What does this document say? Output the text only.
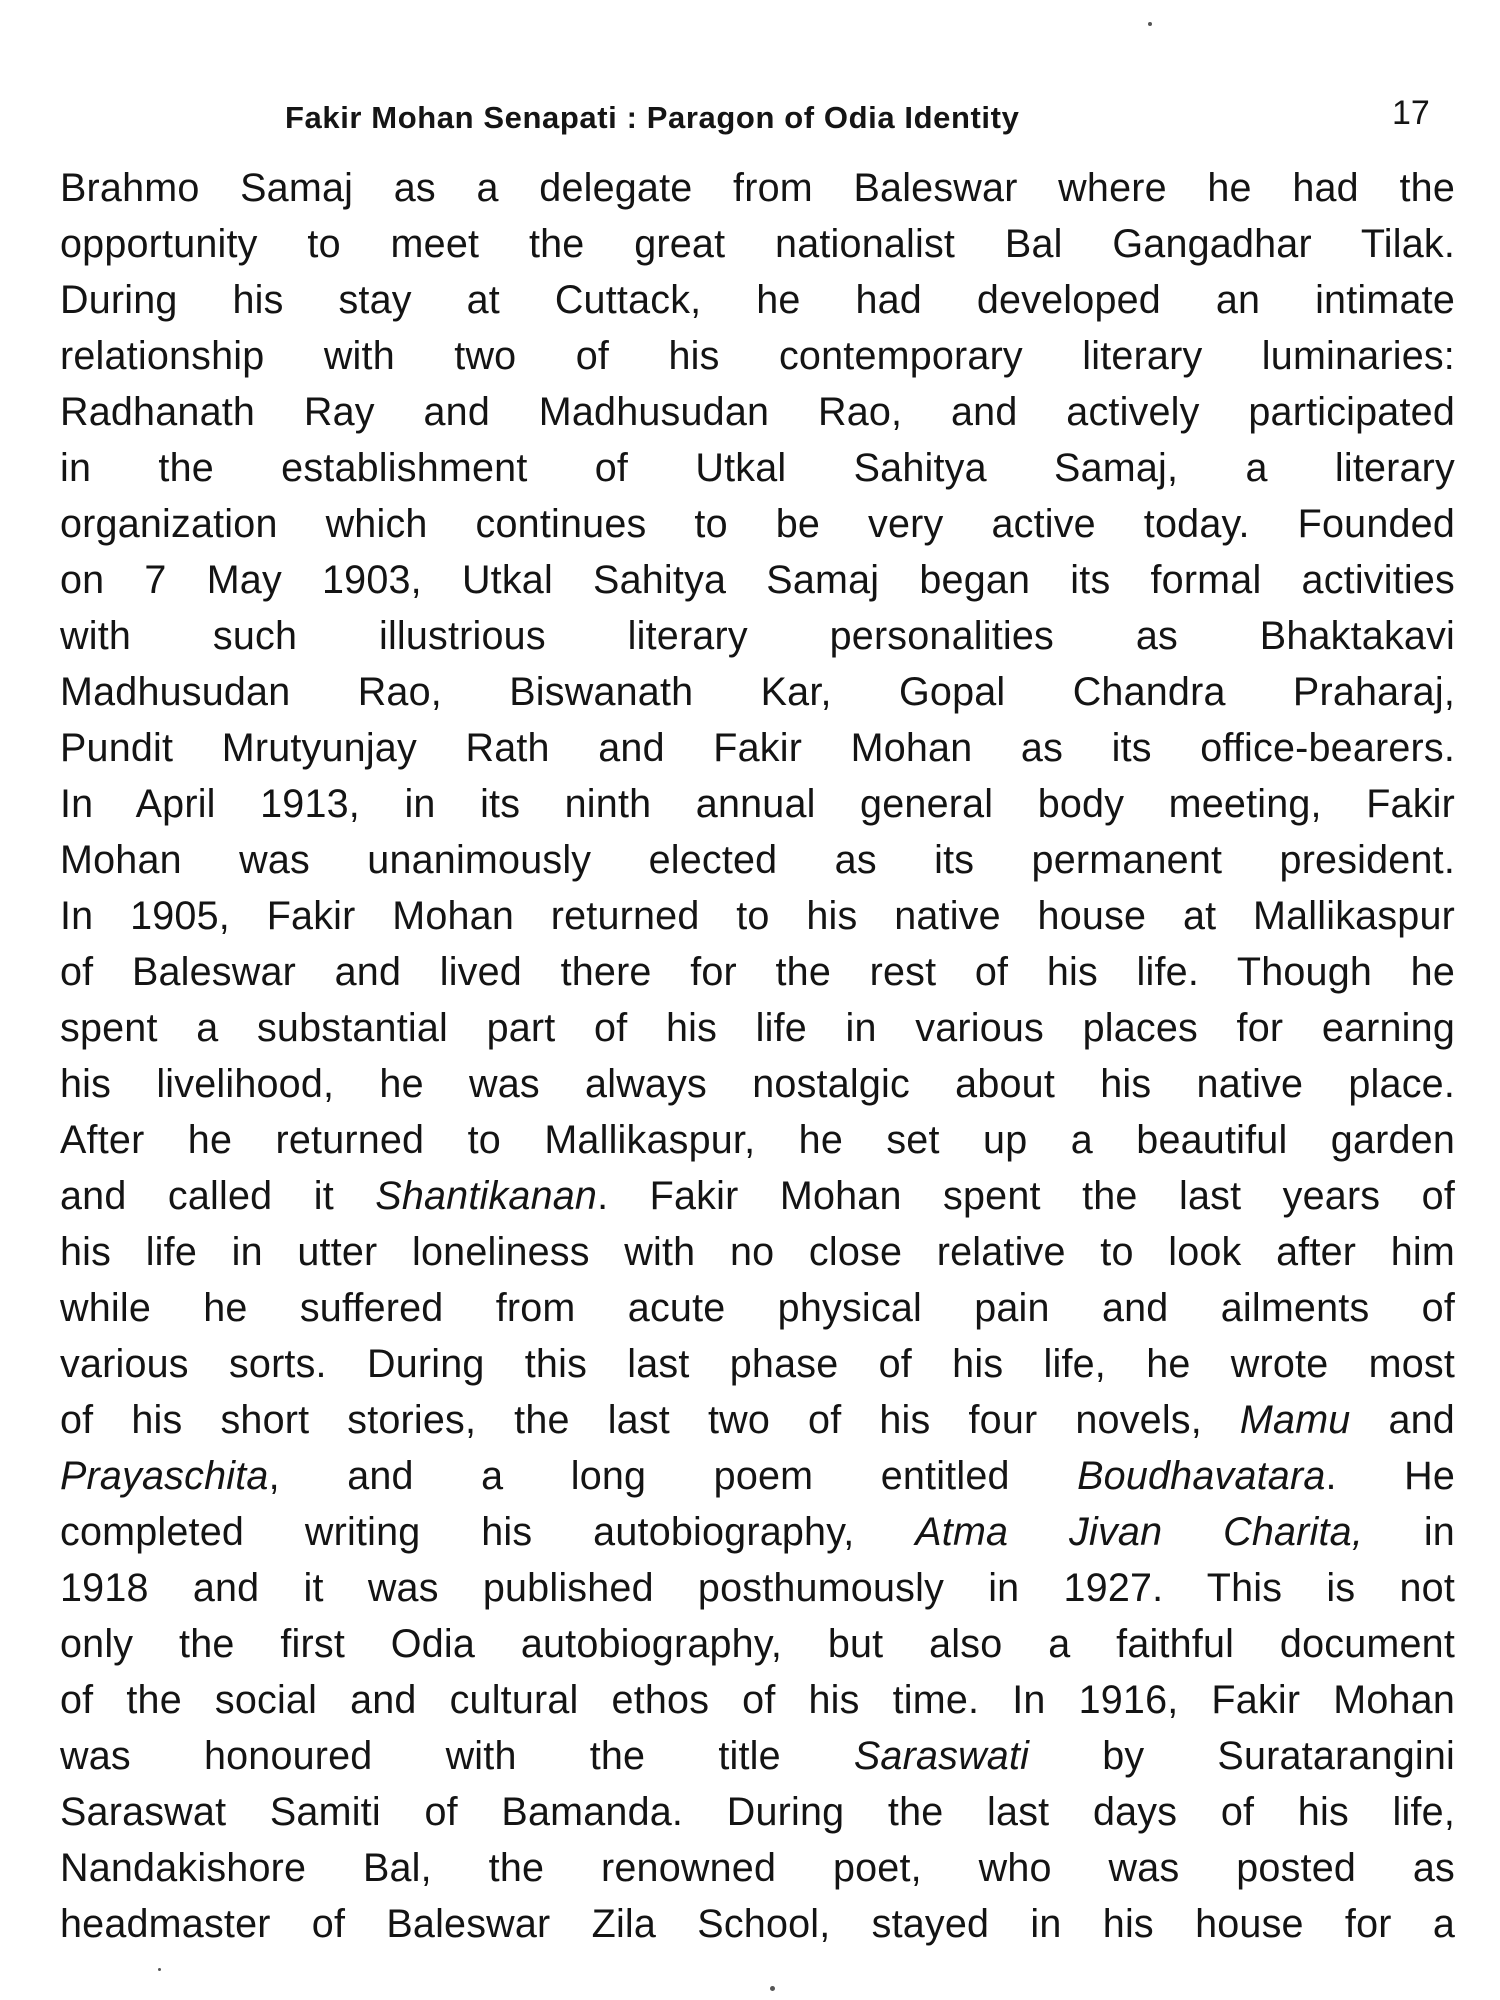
Fakir Mohan Senapati : Paragon of Odia Identity	17
Brahmo Samaj as a delegate from Baleswar where he had the
opportunity to meet the great nationalist Bal Gangadhar Tilak.
During his stay at Cuttack, he had developed an intimate
relationship with two of his contemporary literary luminaries:
Radhanath Ray and Madhusudan Rao, and actively participated
in the establishment of Utkal Sahitya Samaj, a literary
organization which continues to be very active today. Founded
on 7 May 1903, Utkal Sahitya Samaj began its formal activities
with such illustrious literary personalities as Bhaktakavi
Madhusudan Rao, Biswanath Kar, Gopal Chandra Praharaj,
Pundit Mrutyunjay Rath and Fakir Mohan as its office-bearers.
In April 1913, in its ninth annual general body meeting, Fakir
Mohan was unanimously elected as its permanent president.
In 1905, Fakir Mohan returned to his native house at Mallikaspur
of Baleswar and lived there for the rest of his life. Though he
spent a substantial part of his life in various places for earning
his livelihood, he was always nostalgic about his native place.
After he returned to Mallikaspur, he set up a beautiful garden
and called it Shantikanan. Fakir Mohan spent the last years of
his life in utter loneliness with no close relative to look after him
while he suffered from acute physical pain and ailments of
various sorts. During this last phase of his life, he wrote most
of his short stories, the last two of his four novels, Mamu and
Prayaschita, and a long poem entitled Boudhavatara. He
completed writing his autobiography, Atma Jivan Charita, in
1918 and it was published posthumously in 1927. This is not
only the first Odia autobiography, but also a faithful document
of the social and cultural ethos of his time. In 1916, Fakir Mohan
was honoured with the title Saraswati by Suratarangini
Saraswat Samiti of Bamanda. During the last days of his life,
Nandakishore Bal, the renowned poet, who was posted as
headmaster of Baleswar Zila School, stayed in his house for a
